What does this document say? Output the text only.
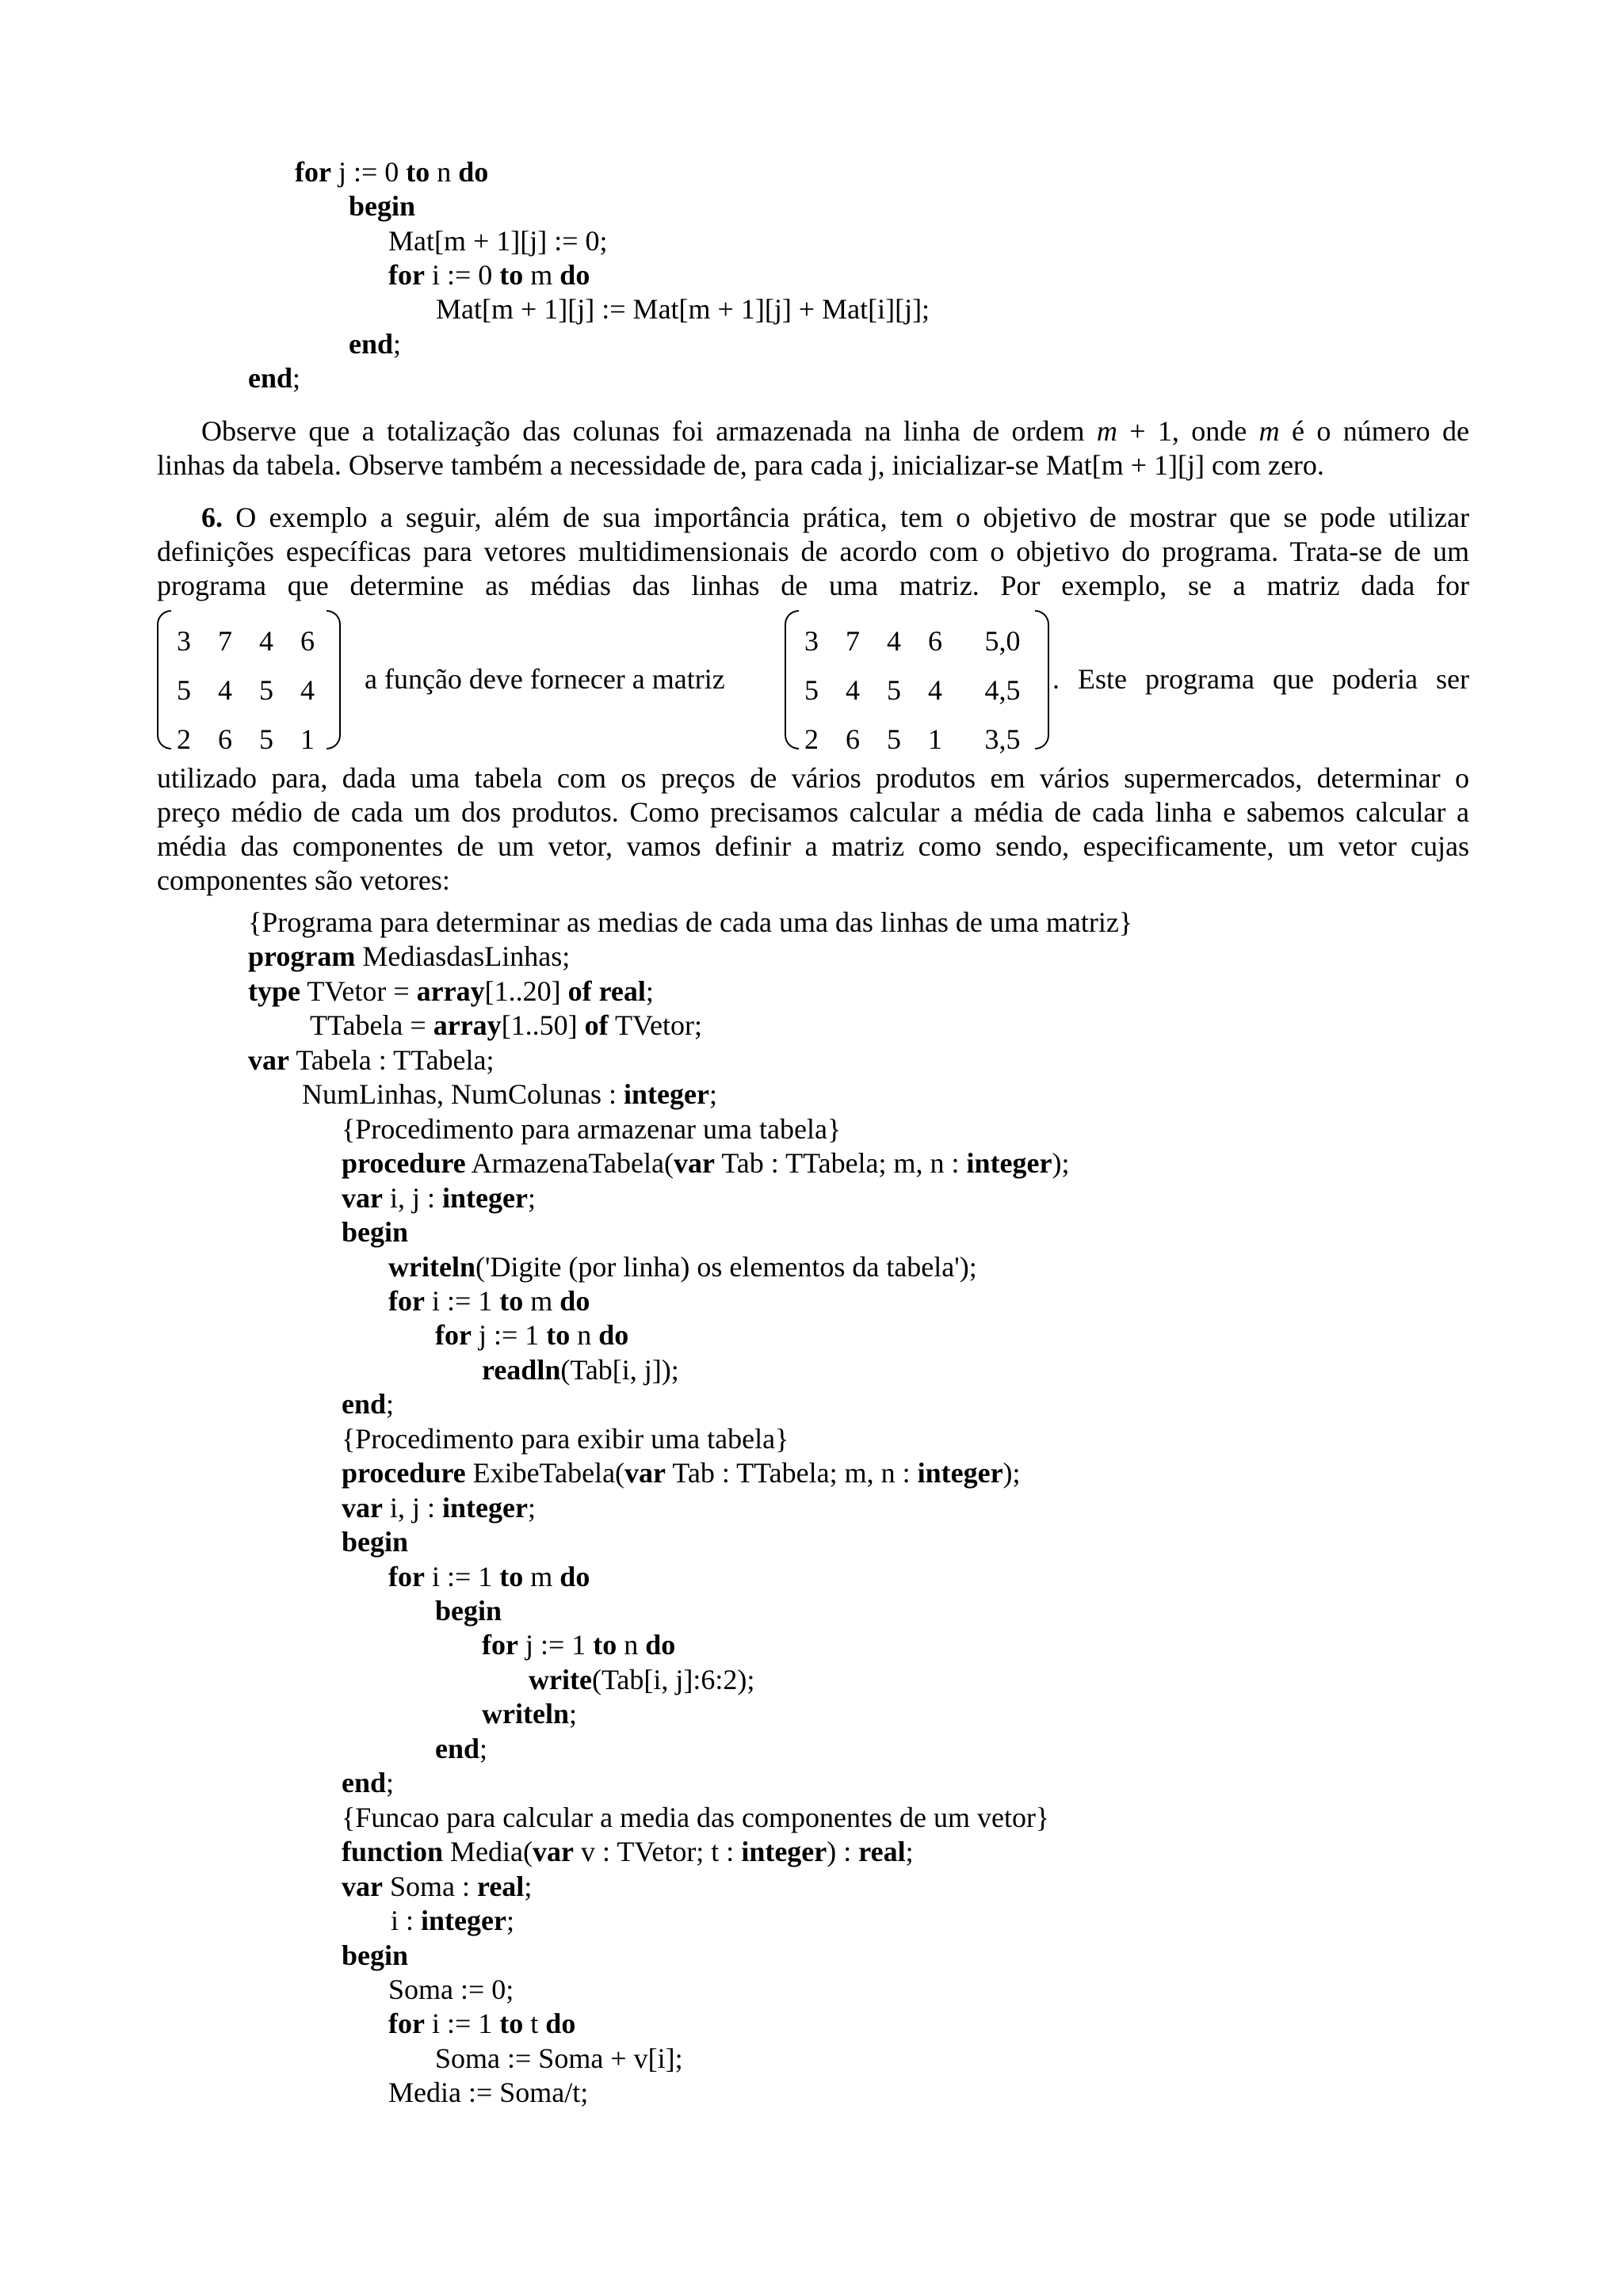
for j := 0 to n do
begin
Mat[m + 1][j] := 0;
for i := 0 to m do
Mat[m + 1][j] := Mat[m + 1][j] + Mat[i][j];
end;
end;
Observe que a totalização das colunas foi armazenada na linha de ordem m + 1, onde m é o número de
linhas da tabela. Observe também a necessidade de, para cada j, inicializar-se Mat[m + 1][j] com zero.
6. O exemplo a seguir, além de sua importância prática, tem o objetivo de mostrar que se pode utilizar
definições específicas para vetores multidimensionais de acordo com o objetivo do programa. Trata-se de um
programa que determine as médias das linhas de uma matriz. Por exemplo, se a matriz dada for
3 7 4 6
5 4 5 4
2 6 5 1
a função deve fornecer a matriz
3 7 4 6	5,0
5 4 5 4	4,5
2 6 5 1	3,5
. Este programa que poderia ser
utilizado para, dada uma tabela com os preços de vários produtos em vários supermercados, determinar o
preço médio de cada um dos produtos. Como precisamos calcular a média de cada linha e sabemos calcular a
média das componentes de um vetor, vamos definir a matriz como sendo, especificamente, um vetor cujas
componentes são vetores:
{Programa para determinar as medias de cada uma das linhas de uma matriz}
program MediasdasLinhas;
type TVetor = array[1..20] of real;
TTabela = array[1..50] of TVetor;
var Tabela : TTabela;
NumLinhas, NumColunas : integer;
{Procedimento para armazenar uma tabela}
procedure ArmazenaTabela(var Tab : TTabela; m, n : integer);
var i, j : integer;
begin
writeln('Digite (por linha) os elementos da tabela');
for i := 1 to m do
for j := 1 to n do
readln(Tab[i, j]);
end;
{Procedimento para exibir uma tabela}
procedure ExibeTabela(var Tab : TTabela; m, n : integer);
var i, j : integer;
begin
for i := 1 to m do
begin
for j := 1 to n do
write(Tab[i, j]:6:2);
writeln;
end;
end;
{Funcao para calcular a media das componentes de um vetor}
function Media(var v : TVetor; t : integer) : real;
var Soma : real;
i : integer;
begin
Soma := 0;
for i := 1 to t do
Soma := Soma + v[i];
Media := Soma/t;
